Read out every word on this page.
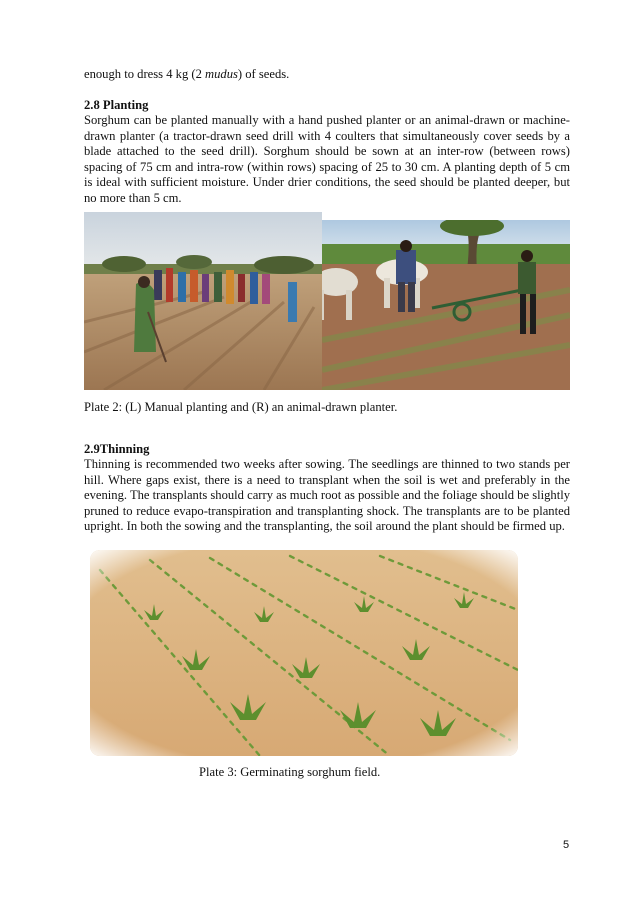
enough to dress 4 kg (2 mudus) of seeds.
2.8 Planting
Sorghum can be planted manually with a hand pushed planter or an animal-drawn or machine-drawn planter (a tractor-drawn seed drill with 4 coulters that simultaneously cover seeds by a blade attached to the seed drill). Sorghum should be sown at an inter-row (between rows) spacing of 75 cm and intra-row (within rows) spacing of 25 to 30 cm. A planting depth of 5 cm is ideal with sufficient moisture. Under drier conditions, the seed should be planted deeper, but no more than 5 cm.
Plate 2: (L) Manual planting and (R) an animal-drawn planter.
2.9Thinning
Thinning is recommended two weeks after sowing. The seedlings are thinned to two stands per hill. Where gaps exist, there is a need to transplant when the soil is wet and preferably in the evening. The transplants should carry as much root as possible and the foliage should be slightly pruned to reduce evapo-transpiration and transplanting shock. The transplants are to be planted upright. In both the sowing and the transplanting, the soil around the plant should be firmed up.
Plate 3: Germinating sorghum field.
5
